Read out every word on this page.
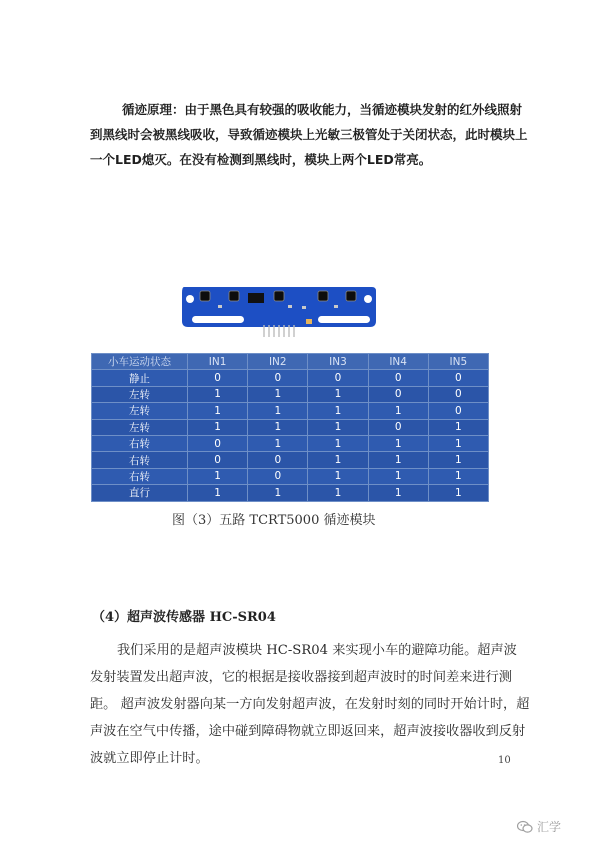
循迹原理：由于黑色具有较强的吸收能力，当循迹模块发射的红外线照射到黑线时会被黑线吸收，导致循迹模块上光敏三极管处于关闭状态，此时模块上一个LED熄灭。在没有检测到黑线时，模块上两个LED常亮。
小车运动状态	IN1	IN2	IN3	IN4	IN5
静止	0	0	0	0	0
左转	1	1	1	0	0
左转	1	1	1	1	0
左转	1	1	1	0	1
右转	0	1	1	1	1
右转	0	0	1	1	1
右转	1	0	1	1	1
直行	1	1	1	1	1
图（3）五路 TCRT5000 循迹模块
（4）超声波传感器 HC-SR04
我们采用的是超声波模块 HC-SR04 来实现小车的避障功能。超声波发射装置发出超声波，它的根据是接收器接到超声波时的时间差来进行测距。 超声波发射器向某一方向发射超声波，在发射时刻的同时开始计时，超声波在空气中传播，途中碰到障碍物就立即返回来，超声波接收器收到反射波就立即停止计时。	10
汇学
